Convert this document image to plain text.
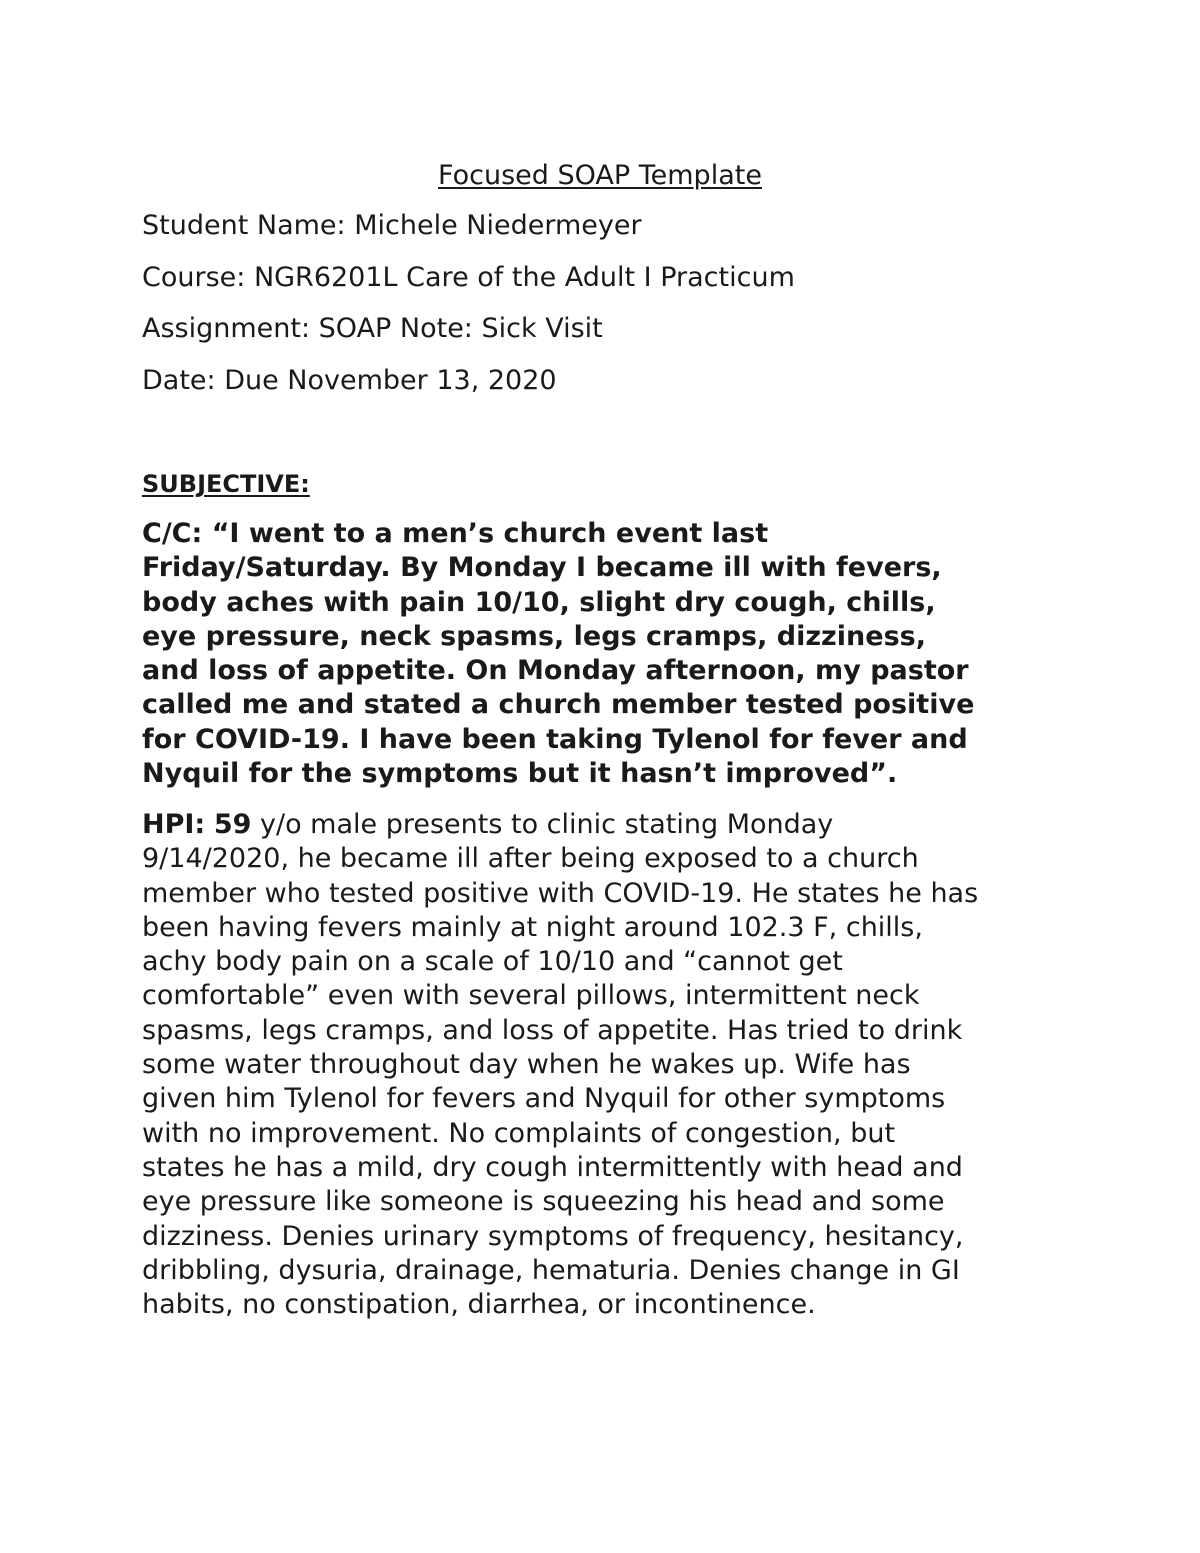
Focused SOAP Template
Student Name: Michele Niedermeyer
Course: NGR6201L Care of the Adult I Practicum
Assignment: SOAP Note: Sick Visit
Date: Due November 13, 2020
SUBJECTIVE:
C/C: “I went to a men’s church event last
Friday/Saturday. By Monday I became ill with fevers,
body aches with pain 10/10, slight dry cough, chills,
eye pressure, neck spasms, legs cramps, dizziness,
and loss of appetite. On Monday afternoon, my pastor
called me and stated a church member tested positive
for COVID-19. I have been taking Tylenol for fever and
Nyquil for the symptoms but it hasn’t improved”.
HPI: 59 y/o male presents to clinic stating Monday
9/14/2020, he became ill after being exposed to a church
member who tested positive with COVID-19. He states he has
been having fevers mainly at night around 102.3 F, chills,
achy body pain on a scale of 10/10 and “cannot get
comfortable” even with several pillows, intermittent neck
spasms, legs cramps, and loss of appetite. Has tried to drink
some water throughout day when he wakes up. Wife has
given him Tylenol for fevers and Nyquil for other symptoms
with no improvement. No complaints of congestion, but
states he has a mild, dry cough intermittently with head and
eye pressure like someone is squeezing his head and some
dizziness. Denies urinary symptoms of frequency, hesitancy,
dribbling, dysuria, drainage, hematuria. Denies change in GI
habits, no constipation, diarrhea, or incontinence.
